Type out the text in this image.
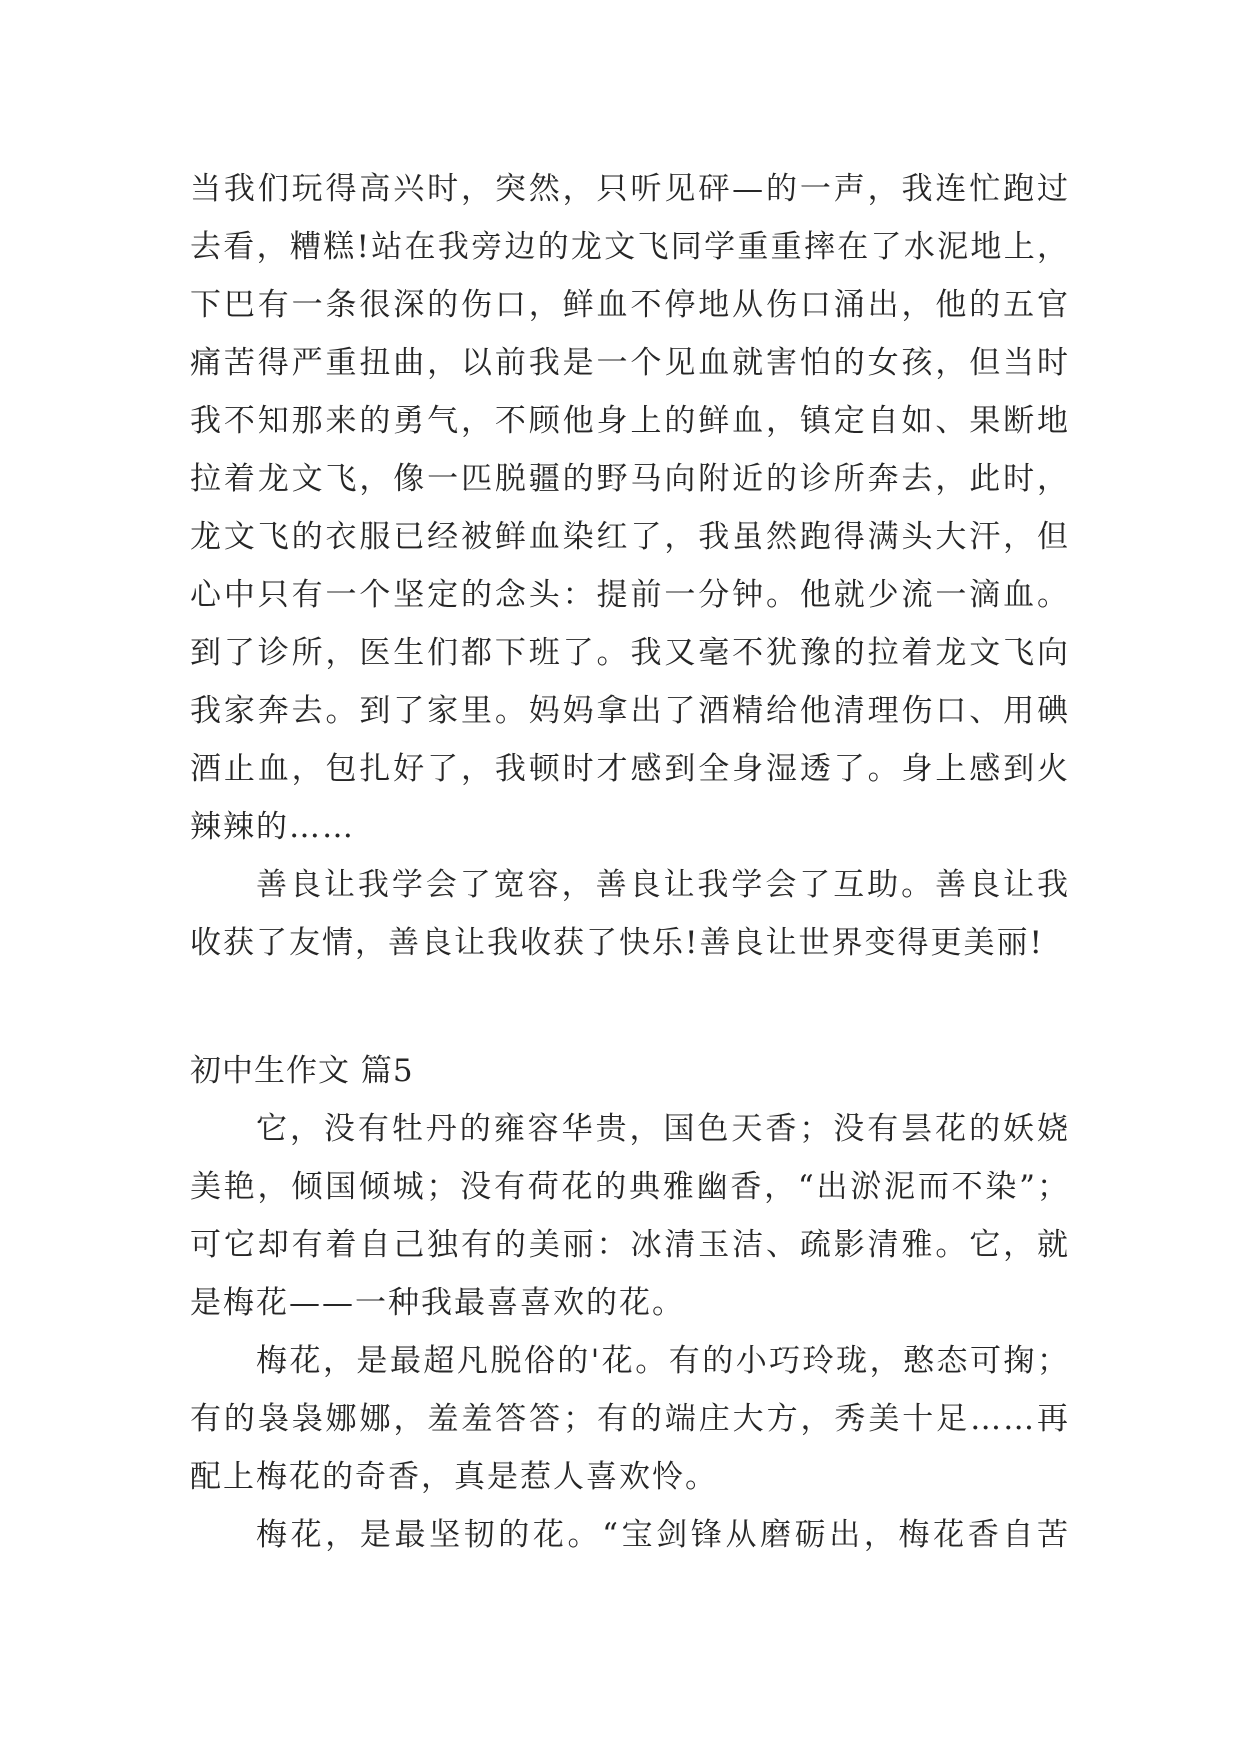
当我们玩得高兴时，突然，只听见砰—的一声，我连忙跑过
去看，糟糕!站在我旁边的龙文飞同学重重摔在了水泥地上，
下巴有一条很深的伤口，鲜血不停地从伤口涌出，他的五官
痛苦得严重扭曲，以前我是一个见血就害怕的女孩，但当时
我不知那来的勇气，不顾他身上的鲜血，镇定自如、果断地
拉着龙文飞，像一匹脱疆的野马向附近的诊所奔去，此时，
龙文飞的衣服已经被鲜血染红了，我虽然跑得满头大汗，但
心中只有一个坚定的念头：提前一分钟。他就少流一滴血。
到了诊所，医生们都下班了。我又毫不犹豫的拉着龙文飞向
我家奔去。到了家里。妈妈拿出了酒精给他清理伤口、用碘
酒止血，包扎好了，我顿时才感到全身湿透了。身上感到火
辣辣的……
善良让我学会了宽容，善良让我学会了互助。善良让我
收获了友情，善良让我收获了快乐!善良让世界变得更美丽!
初中生作文 篇5
它，没有牡丹的雍容华贵，国色天香；没有昙花的妖娆
美艳，倾国倾城；没有荷花的典雅幽香，“出淤泥而不染”；
可它却有着自己独有的美丽：冰清玉洁、疏影清雅。它，就
是梅花——一种我最喜喜欢的花。
梅花，是最超凡脱俗的'花。有的小巧玲珑，憨态可掬；
有的袅袅娜娜，羞羞答答；有的端庄大方，秀美十足……再
配上梅花的奇香，真是惹人喜欢怜。
梅花，是最坚韧的花。“宝剑锋从磨砺出，梅花香自苦
